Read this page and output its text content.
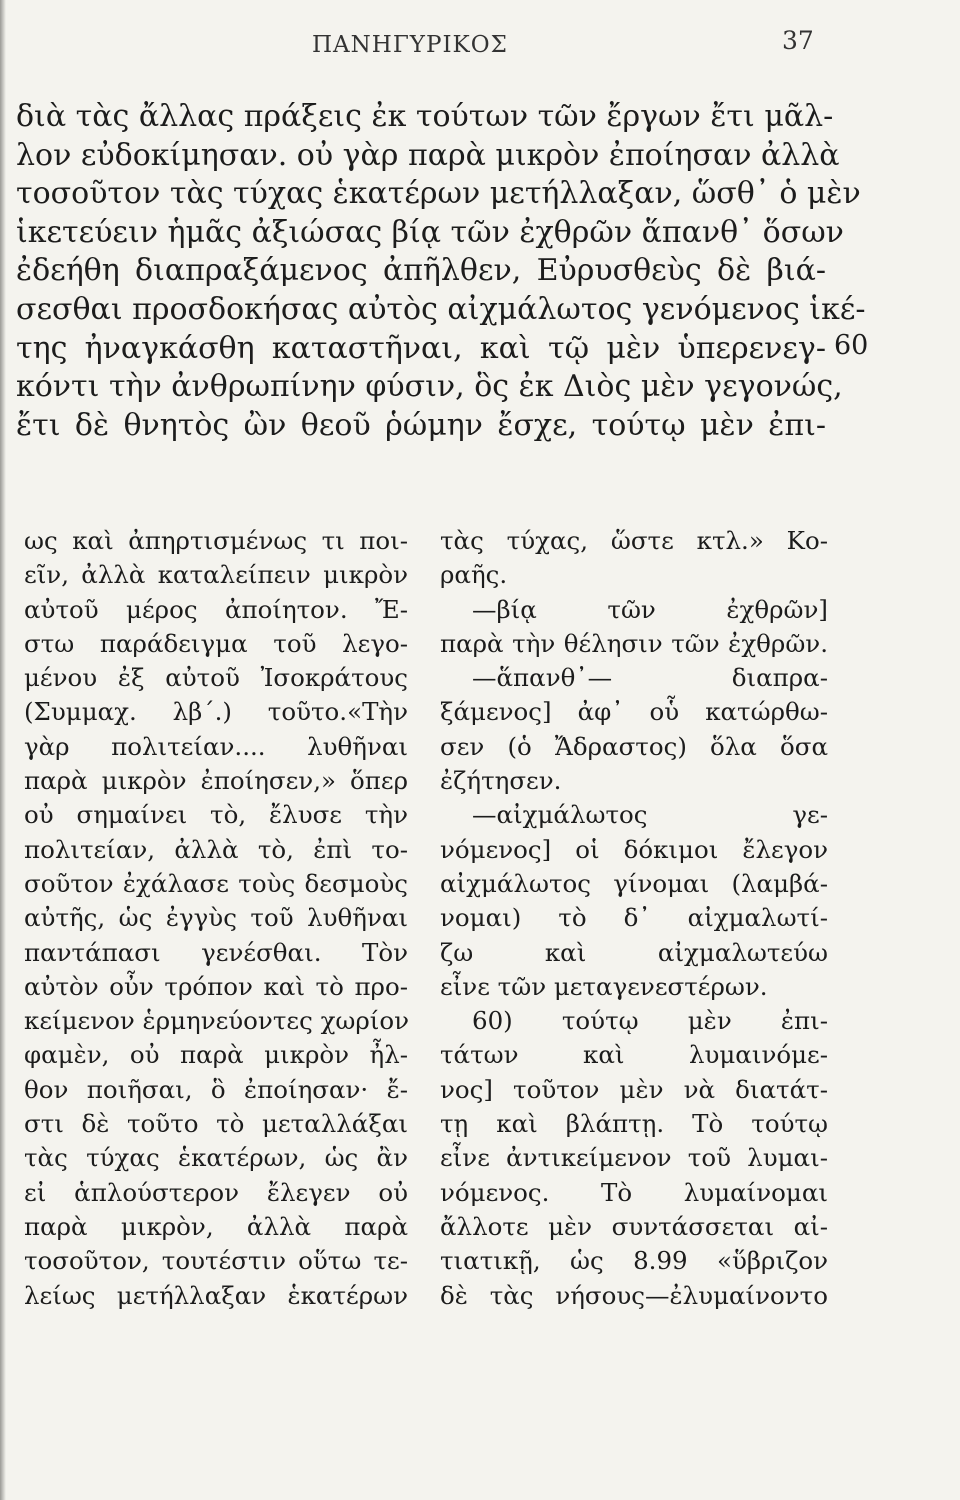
ΠΑΝΗΓΥΡΙΚΟΣ	37
διὰ τὰς ἄλλας πράξεις ἐκ τούτων τῶν ἔργων ἔτι μᾶλ-
λον εὐδοκίμησαν. οὐ γὰρ παρὰ μικρὸν ἐποίησαν ἀλλὰ
τοσοῦτον τὰς τύχας ἑκατέρων μετήλλαξαν, ὥσθ᾽ ὁ μὲν
ἱκετεύειν ἡμᾶς ἀξιώσας βίᾳ τῶν ἐχθρῶν ἅπανθ᾽ ὅσων
ἐδεήθη διαπραξάμενος ἀπῆλθεν, Εὐρυσθεὺς δὲ βιά-
σεσθαι προσδοκήσας αὐτὸς αἰχμάλωτος γενόμενος ἱκέ-
της ἠναγκάσθη καταστῆναι, καὶ τῷ μὲν ὑπερενεγ-
κόντι τὴν ἀνθρωπίνην φύσιν, ὃς ἐκ Διὸς μὲν γεγονώς,
ἔτι δὲ θνητὸς ὢν θεοῦ ῥώμην ἔσχε, τούτῳ μὲν ἐπι-
60
ως καὶ ἀπηρτισμένως τι ποι-
εῖν, ἀλλὰ καταλείπειν μικρὸν
αὐτοῦ μέρος ἀποίητον. Ἔ-
στω παράδειγμα τοῦ λεγο-
μένου ἐξ αὐτοῦ Ἰσοκράτους
(Συμμαχ. λβ΄.) τοῦτο.«Τὴν
γὰρ πολιτείαν.... λυθῆναι
παρὰ μικρὸν ἐποίησεν,» ὅπερ
οὐ σημαίνει τὸ, ἔλυσε τὴν
πολιτείαν, ἀλλὰ τὸ, ἐπὶ το-
σοῦτον ἐχάλασε τοὺς δεσμοὺς
αὐτῆς, ὡς ἐγγὺς τοῦ λυθῆναι
παντάπασι γενέσθαι. Τὸν
αὐτὸν οὖν τρόπον καὶ τὸ προ-
κείμενον ἑρμηνεύοντες χωρίον
φαμὲν, οὐ παρὰ μικρὸν ἦλ-
θον ποιῆσαι, ὃ ἐποίησαν· ἔ-
στι δὲ τοῦτο τὸ μεταλλάξαι
τὰς τύχας ἑκατέρων, ὡς ἂν
εἰ ἁπλούστερον ἔλεγεν οὐ
παρὰ μικρὸν, ἀλλὰ παρὰ
τοσοῦτον, τουτέστιν οὕτω τε-
λείως μετήλλαξαν ἑκατέρων
τὰς τύχας, ὥστε κτλ.» Κο-
ραῆς.
—βίᾳ τῶν ἐχθρῶν]
παρὰ τὴν θέλησιν τῶν ἐχθρῶν.
—ἅπανθ᾽— διαπρα-
ξάμενος] ἀφ᾽ οὗ κατώρθω-
σεν (ὁ Ἄδραστος) ὅλα ὅσα
ἐζήτησεν.
—αἰχμάλωτος γε-
νόμενος] οἱ δόκιμοι ἔλεγον
αἰχμάλωτος γίνομαι (λαμβά-
νομαι) τὸ δ᾽ αἰχμαλωτί-
ζω καὶ αἰχμαλωτεύω
εἶνε τῶν μεταγενεστέρων.
60) τούτῳ μὲν ἐπι-
τάτων καὶ λυμαινόμε-
νος] τοῦτον μὲν νὰ διατάτ-
τῃ καὶ βλάπτῃ. Τὸ τούτῳ
εἶνε ἀντικείμενον τοῦ λυμαι-
νόμενος. Τὸ λυμαίνομαι
ἄλλοτε μὲν συντάσσεται αἰ-
τιατικῇ, ὡς 8.99 «ὕβριζον
δὲ τὰς νήσους—ἐλυμαίνοντο
